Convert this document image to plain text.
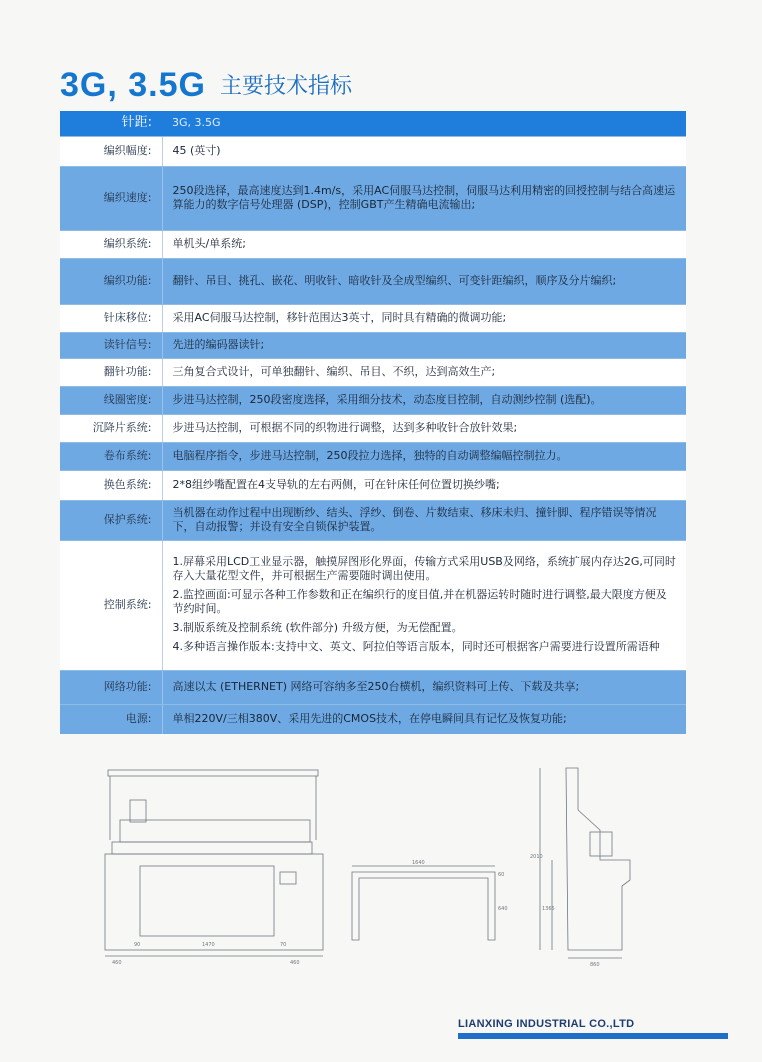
3G, 3.5G 主要技术指标
针距:	3G, 3.5G
编织幅度:	45 (英寸)
编织速度:	250段选择，最高速度达到1.4m/s，采用AC伺服马达控制，伺服马达利用精密的回授控制与结合高速运算能力的数字信号处理器 (DSP)，控制GBT产生精确电流输出;
编织系统:	单机头/单系统;
编织功能:	翻针、吊目、挑孔、嵌花、明收针、暗收针及全成型编织、可变针距编织，顺序及分片编织;
针床移位:	采用AC伺服马达控制，移针范围达3英寸，同时具有精确的微调功能;
读针信号:	先进的编码器读针;
翻针功能:	三角复合式设计，可单独翻针、编织、吊目、不织，达到高效生产;
线圈密度:	步进马达控制，250段密度选择，采用细分技术，动态度目控制，自动测纱控制 (选配)。
沉降片系统:	步进马达控制，可根据不同的织物进行调整，达到多种收针合放针效果;
卷布系统:	电脑程序指令，步进马达控制，250段拉力选择，独特的自动调整编幅控制拉力。
换色系统:	2*8组纱嘴配置在4支导轨的左右两侧，可在针床任何位置切换纱嘴;
保护系统:	当机器在动作过程中出现断纱、结头、浮纱、倒卷、片数结束、移床未归、撞针脚、程序错误等情况下，自动报警；并设有安全自锁保护装置。
控制系统:	1.屏幕采用LCD工业显示器，触摸屏图形化界面，传输方式采用USB及网络，系统扩展内存达2G,可同时存入大量花型文件，并可根据生产需要随时调出使用。
2.监控画面:可显示各种工作参数和正在编织行的度目值,并在机器运转时随时进行调整,最大限度方便及节约时间。
3.制版系统及控制系统 (软件部分) 升级方便，为无偿配置。
4.多种语言操作版本:支持中文、英文、阿拉伯等语言版本，同时还可根据客户需要进行设置所需语种

网络功能:	高速以太 (ETHERNET) 网络可容纳多至250台横机，编织资料可上传、下载及共享;
电源:	单相220V/三相380V、采用先进的CMOS技术，在停电瞬间具有记忆及恢复功能;
90	1470	70
460	460
1640
640
60
2010
1365
860
LIANXING INDUSTRIAL CO.,LTD
